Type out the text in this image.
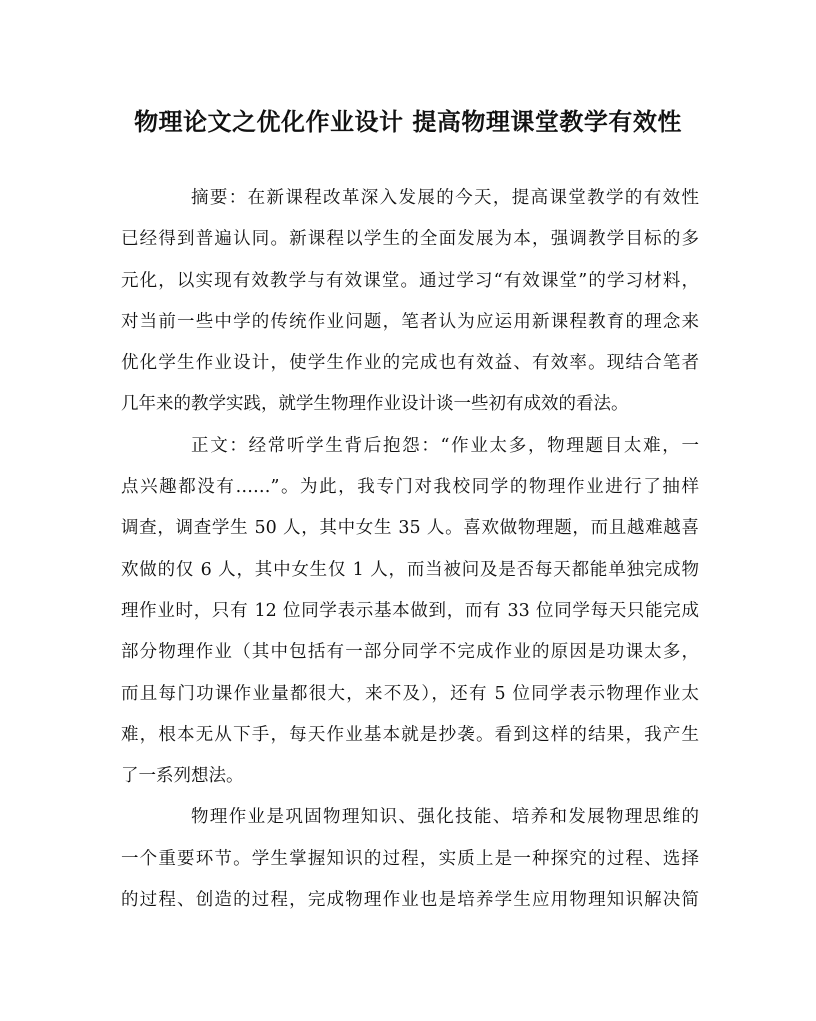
物理论文之优化作业设计 提高物理课堂教学有效性
摘要：在新课程改革深入发展的今天，提高课堂教学的有效性
已经得到普遍认同。新课程以学生的全面发展为本，强调教学目标的多
元化，以实现有效教学与有效课堂。通过学习“有效课堂”的学习材料，
对当前一些中学的传统作业问题，笔者认为应运用新课程教育的理念来
优化学生作业设计，使学生作业的完成也有效益、有效率。现结合笔者
几年来的教学实践，就学生物理作业设计谈一些初有成效的看法。
正文：经常听学生背后抱怨：“作业太多，物理题目太难，一
点兴趣都没有……”。为此，我专门对我校同学的物理作业进行了抽样
调查，调查学生 50 人，其中女生 35 人。喜欢做物理题，而且越难越喜
欢做的仅 6 人，其中女生仅 1 人，而当被问及是否每天都能单独完成物
理作业时，只有 12 位同学表示基本做到，而有 33 位同学每天只能完成
部分物理作业（其中包括有一部分同学不完成作业的原因是功课太多，
而且每门功课作业量都很大，来不及），还有 5 位同学表示物理作业太
难，根本无从下手，每天作业基本就是抄袭。看到这样的结果，我产生
了一系列想法。
物理作业是巩固物理知识、强化技能、培养和发展物理思维的
一个重要环节。学生掌握知识的过程，实质上是一种探究的过程、选择
的过程、创造的过程，完成物理作业也是培养学生应用物理知识解决简
